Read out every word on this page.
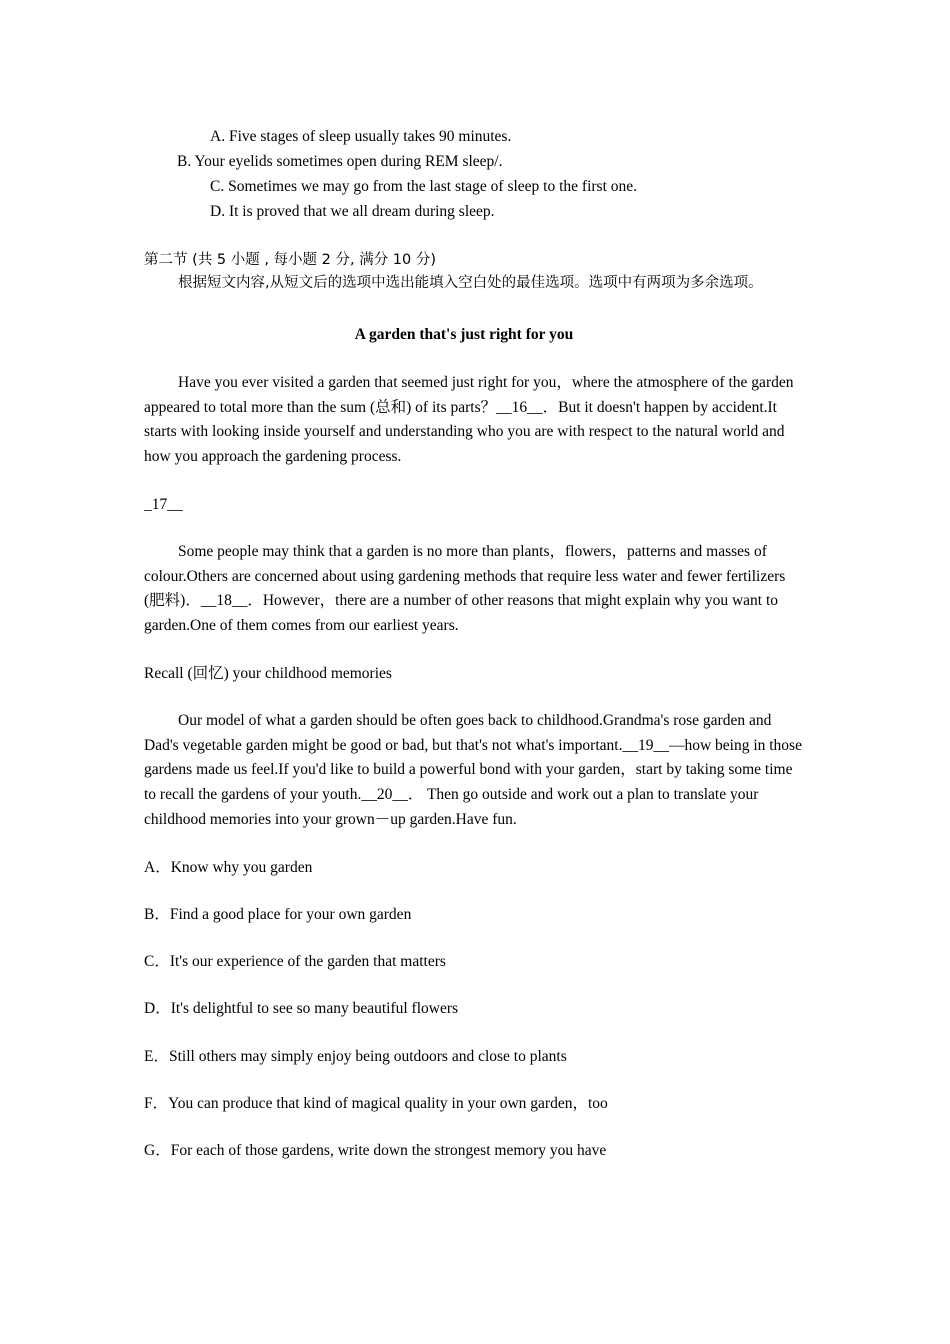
A. Five stages of sleep usually takes 90 minutes.
B. Your eyelids sometimes open during REM sleep/.
C. Sometimes we may go from the last stage of sleep to the first one.
D. It is proved that we all dream during sleep.
第二节 (共 5 小题 , 每小题 2 分, 满分 10 分)
根据短文内容,从短文后的选项中选出能填入空白处的最佳选项。选项中有两项为多余选项。
A garden that's just right for you
Have you ever visited a garden that seemed just right for you，where the atmosphere of the garden appeared to total more than the sum (总和) of its parts？__16__．But it doesn't happen by accident.It starts with looking inside yourself and understanding who you are with respect to the natural world and how you approach the gardening process.
_17__
Some people may think that a garden is no more than plants，flowers，patterns and masses of colour.Others are concerned about using gardening methods that require less water and fewer fertilizers (肥料)．__18__．However，there are a number of other reasons that might explain why you want to garden.One of them comes from our earliest years.
Recall (回忆) your childhood memories
Our model of what a garden should be often goes back to childhood.Grandma's rose garden and Dad's vegetable garden might be good or bad, but that's not what's important.__19__—how being in those gardens made us feel.If you'd like to build a powerful bond with your garden，start by taking some time to recall the gardens of your youth.__20__． Then go outside and work out a plan to translate your childhood memories into your grown－up garden.Have fun.
A．Know why you garden
B．Find a good place for your own garden
C．It's our experience of the garden that matters
D．It's delightful to see so many beautiful flowers
E．Still others may simply enjoy being outdoors and close to plants
F．You can produce that kind of magical quality in your own garden，too
G．For each of those gardens, write down the strongest memory you have
